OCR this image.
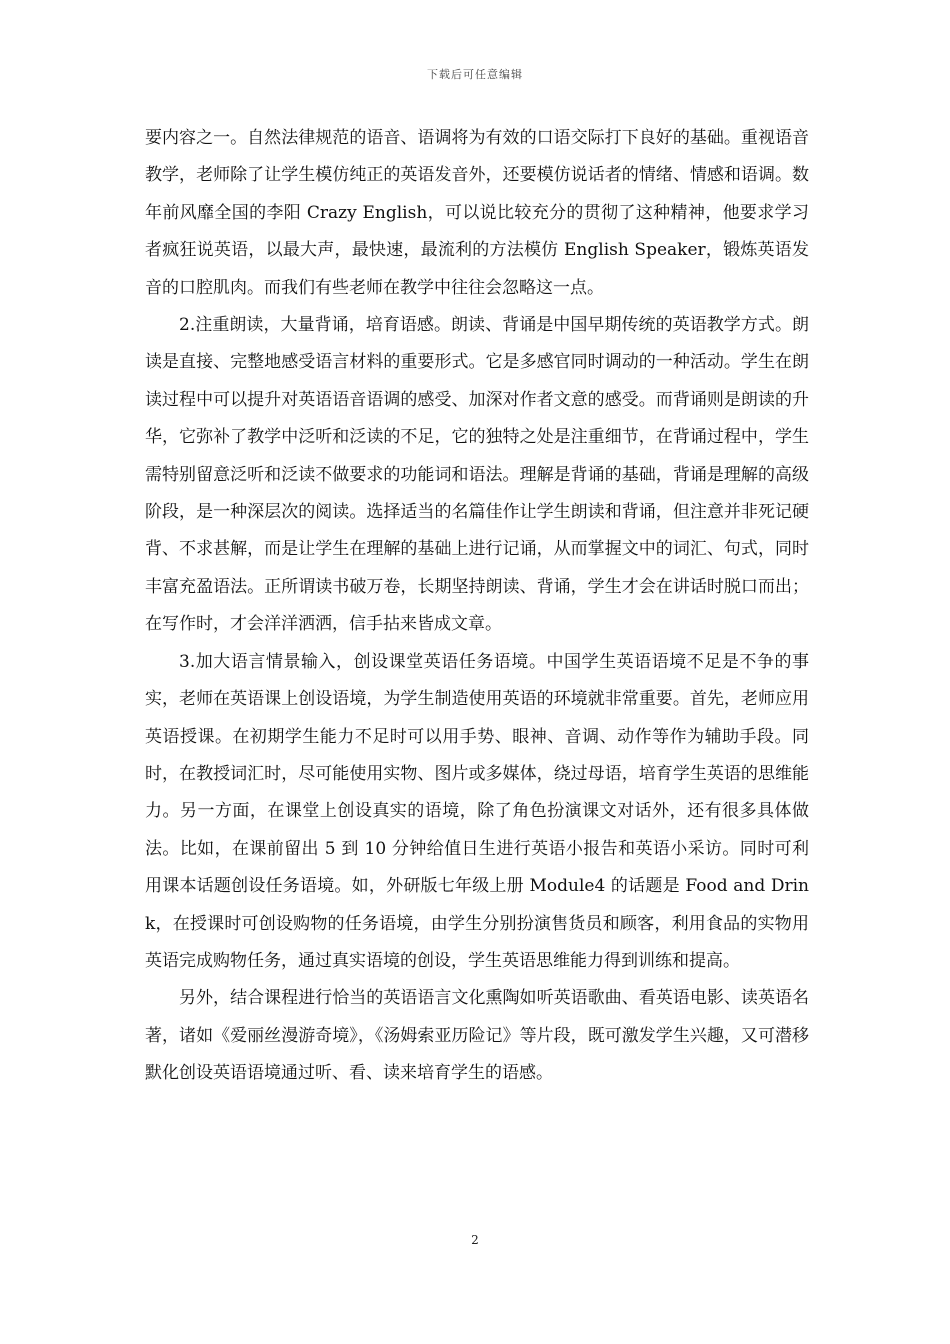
下载后可任意编辑

要内容之一。自然法律规范的语音、语调将为有效的口语交际打下良好的基础。重视语音教学，老师除了让学生模仿纯正的英语发音外，还要模仿说话者的情绪、情感和语调。数年前风靡全国的李阳 Crazy English，可以说比较充分的贯彻了这种精神，他要求学习者疯狂说英语，以最大声，最快速，最流利的方法模仿 English Speaker，锻炼英语发音的口腔肌肉。而我们有些老师在教学中往往会忽略这一点。

2.注重朗读，大量背诵，培育语感。朗读、背诵是中国早期传统的英语教学方式。朗读是直接、完整地感受语言材料的重要形式。它是多感官同时调动的一种活动。学生在朗读过程中可以提升对英语语音语调的感受、加深对作者文意的感受。而背诵则是朗读的升华，它弥补了教学中泛听和泛读的不足，它的独特之处是注重细节，在背诵过程中，学生需特别留意泛听和泛读不做要求的功能词和语法。理解是背诵的基础，背诵是理解的高级阶段，是一种深层次的阅读。选择适当的名篇佳作让学生朗读和背诵，但注意并非死记硬背、不求甚解，而是让学生在理解的基础上进行记诵，从而掌握文中的词汇、句式，同时丰富充盈语法。正所谓读书破万卷，长期坚持朗读、背诵，学生才会在讲话时脱口而出；在写作时，才会洋洋洒洒，信手拈来皆成文章。

3.加大语言情景输入，创设课堂英语任务语境。中国学生英语语境不足是不争的事实，老师在英语课上创设语境，为学生制造使用英语的环境就非常重要。首先，老师应用英语授课。在初期学生能力不足时可以用手势、眼神、音调、动作等作为辅助手段。同时，在教授词汇时，尽可能使用实物、图片或多媒体，绕过母语，培育学生英语的思维能力。另一方面，在课堂上创设真实的语境，除了角色扮演课文对话外，还有很多具体做法。比如，在课前留出 5 到 10 分钟给值日生进行英语小报告和英语小采访。同时可利用课本话题创设任务语境。如，外研版七年级上册 Module4 的话题是 Food and Drink，在授课时可创设购物的任务语境，由学生分别扮演售货员和顾客，利用食品的实物用英语完成购物任务，通过真实语境的创设，学生英语思维能力得到训练和提高。

另外，结合课程进行恰当的英语语言文化熏陶如听英语歌曲、看英语电影、读英语名著，诸如《爱丽丝漫游奇境》，《汤姆索亚历险记》等片段，既可激发学生兴趣，又可潜移默化创设英语语境通过听、看、读来培育学生的语感。

2
